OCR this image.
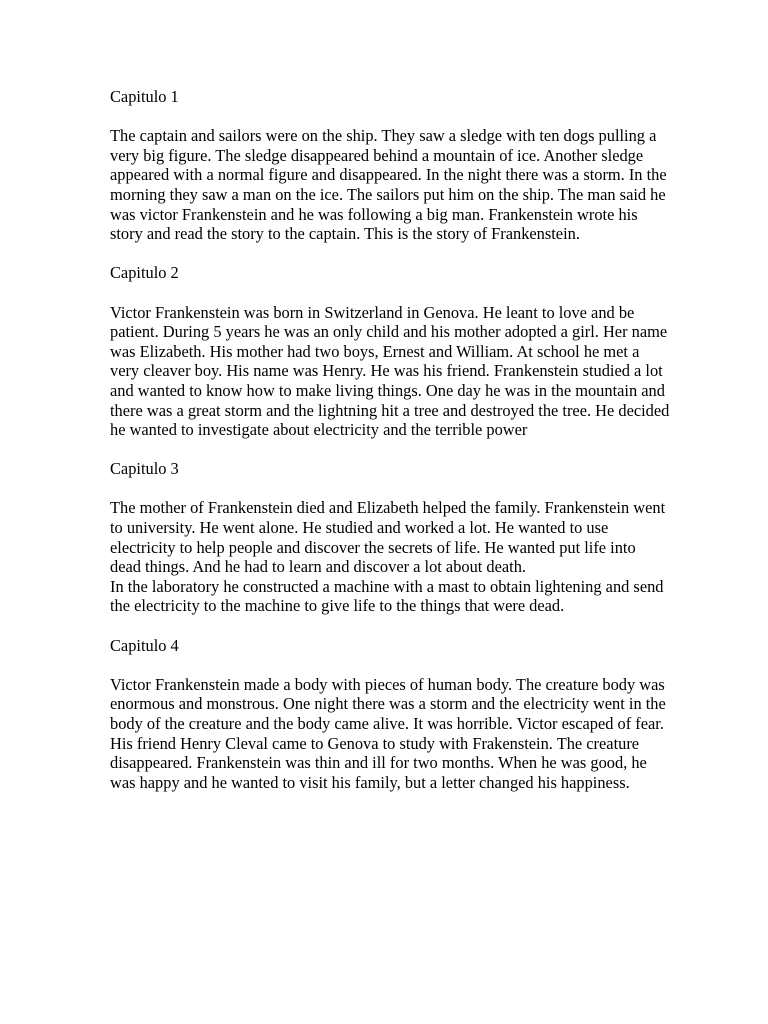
Capitulo 1

The captain and sailors were on the ship. They saw a sledge with ten dogs pulling a very big figure. The sledge disappeared behind a mountain of ice. Another sledge appeared with a normal figure and disappeared. In the night there was a storm. In the morning they saw a man on the ice. The sailors put him on the ship. The man said he was victor Frankenstein and he was following a big man. Frankenstein wrote his story and read the story to the captain. This is the story of Frankenstein.

Capitulo 2

Victor Frankenstein was born in Switzerland in Genova. He leant to love and be patient. During 5 years he was an only child and his mother adopted a girl. Her name was Elizabeth. His mother had two boys, Ernest and William. At school he met a very cleaver boy. His name was Henry. He was his friend. Frankenstein studied a lot and wanted to know how to make living things. One day he was in the mountain and there was a great storm and the lightning hit a tree and destroyed the tree. He decided he wanted to investigate about electricity and the terrible power

Capitulo 3

The mother of Frankenstein died and Elizabeth helped the family. Frankenstein went to university. He went alone. He studied and worked a lot. He wanted to use electricity to help people and discover the secrets of life. He wanted put life into dead things. And he had to learn and discover a lot about death.

In the laboratory he constructed a machine with a mast to obtain lightening and send the electricity to the machine to give life to the things that were dead.

Capitulo 4

Victor Frankenstein made a body with pieces of human body. The creature body was enormous and monstrous. One night there was a storm and the electricity went in the body of the creature and the body came alive. It was horrible. Victor escaped of fear. His friend Henry Cleval came to Genova to study with Frakenstein. The creature disappeared. Frankenstein was thin and ill for two months. When he was good, he was happy and he wanted to visit his family, but a letter changed his happiness.
